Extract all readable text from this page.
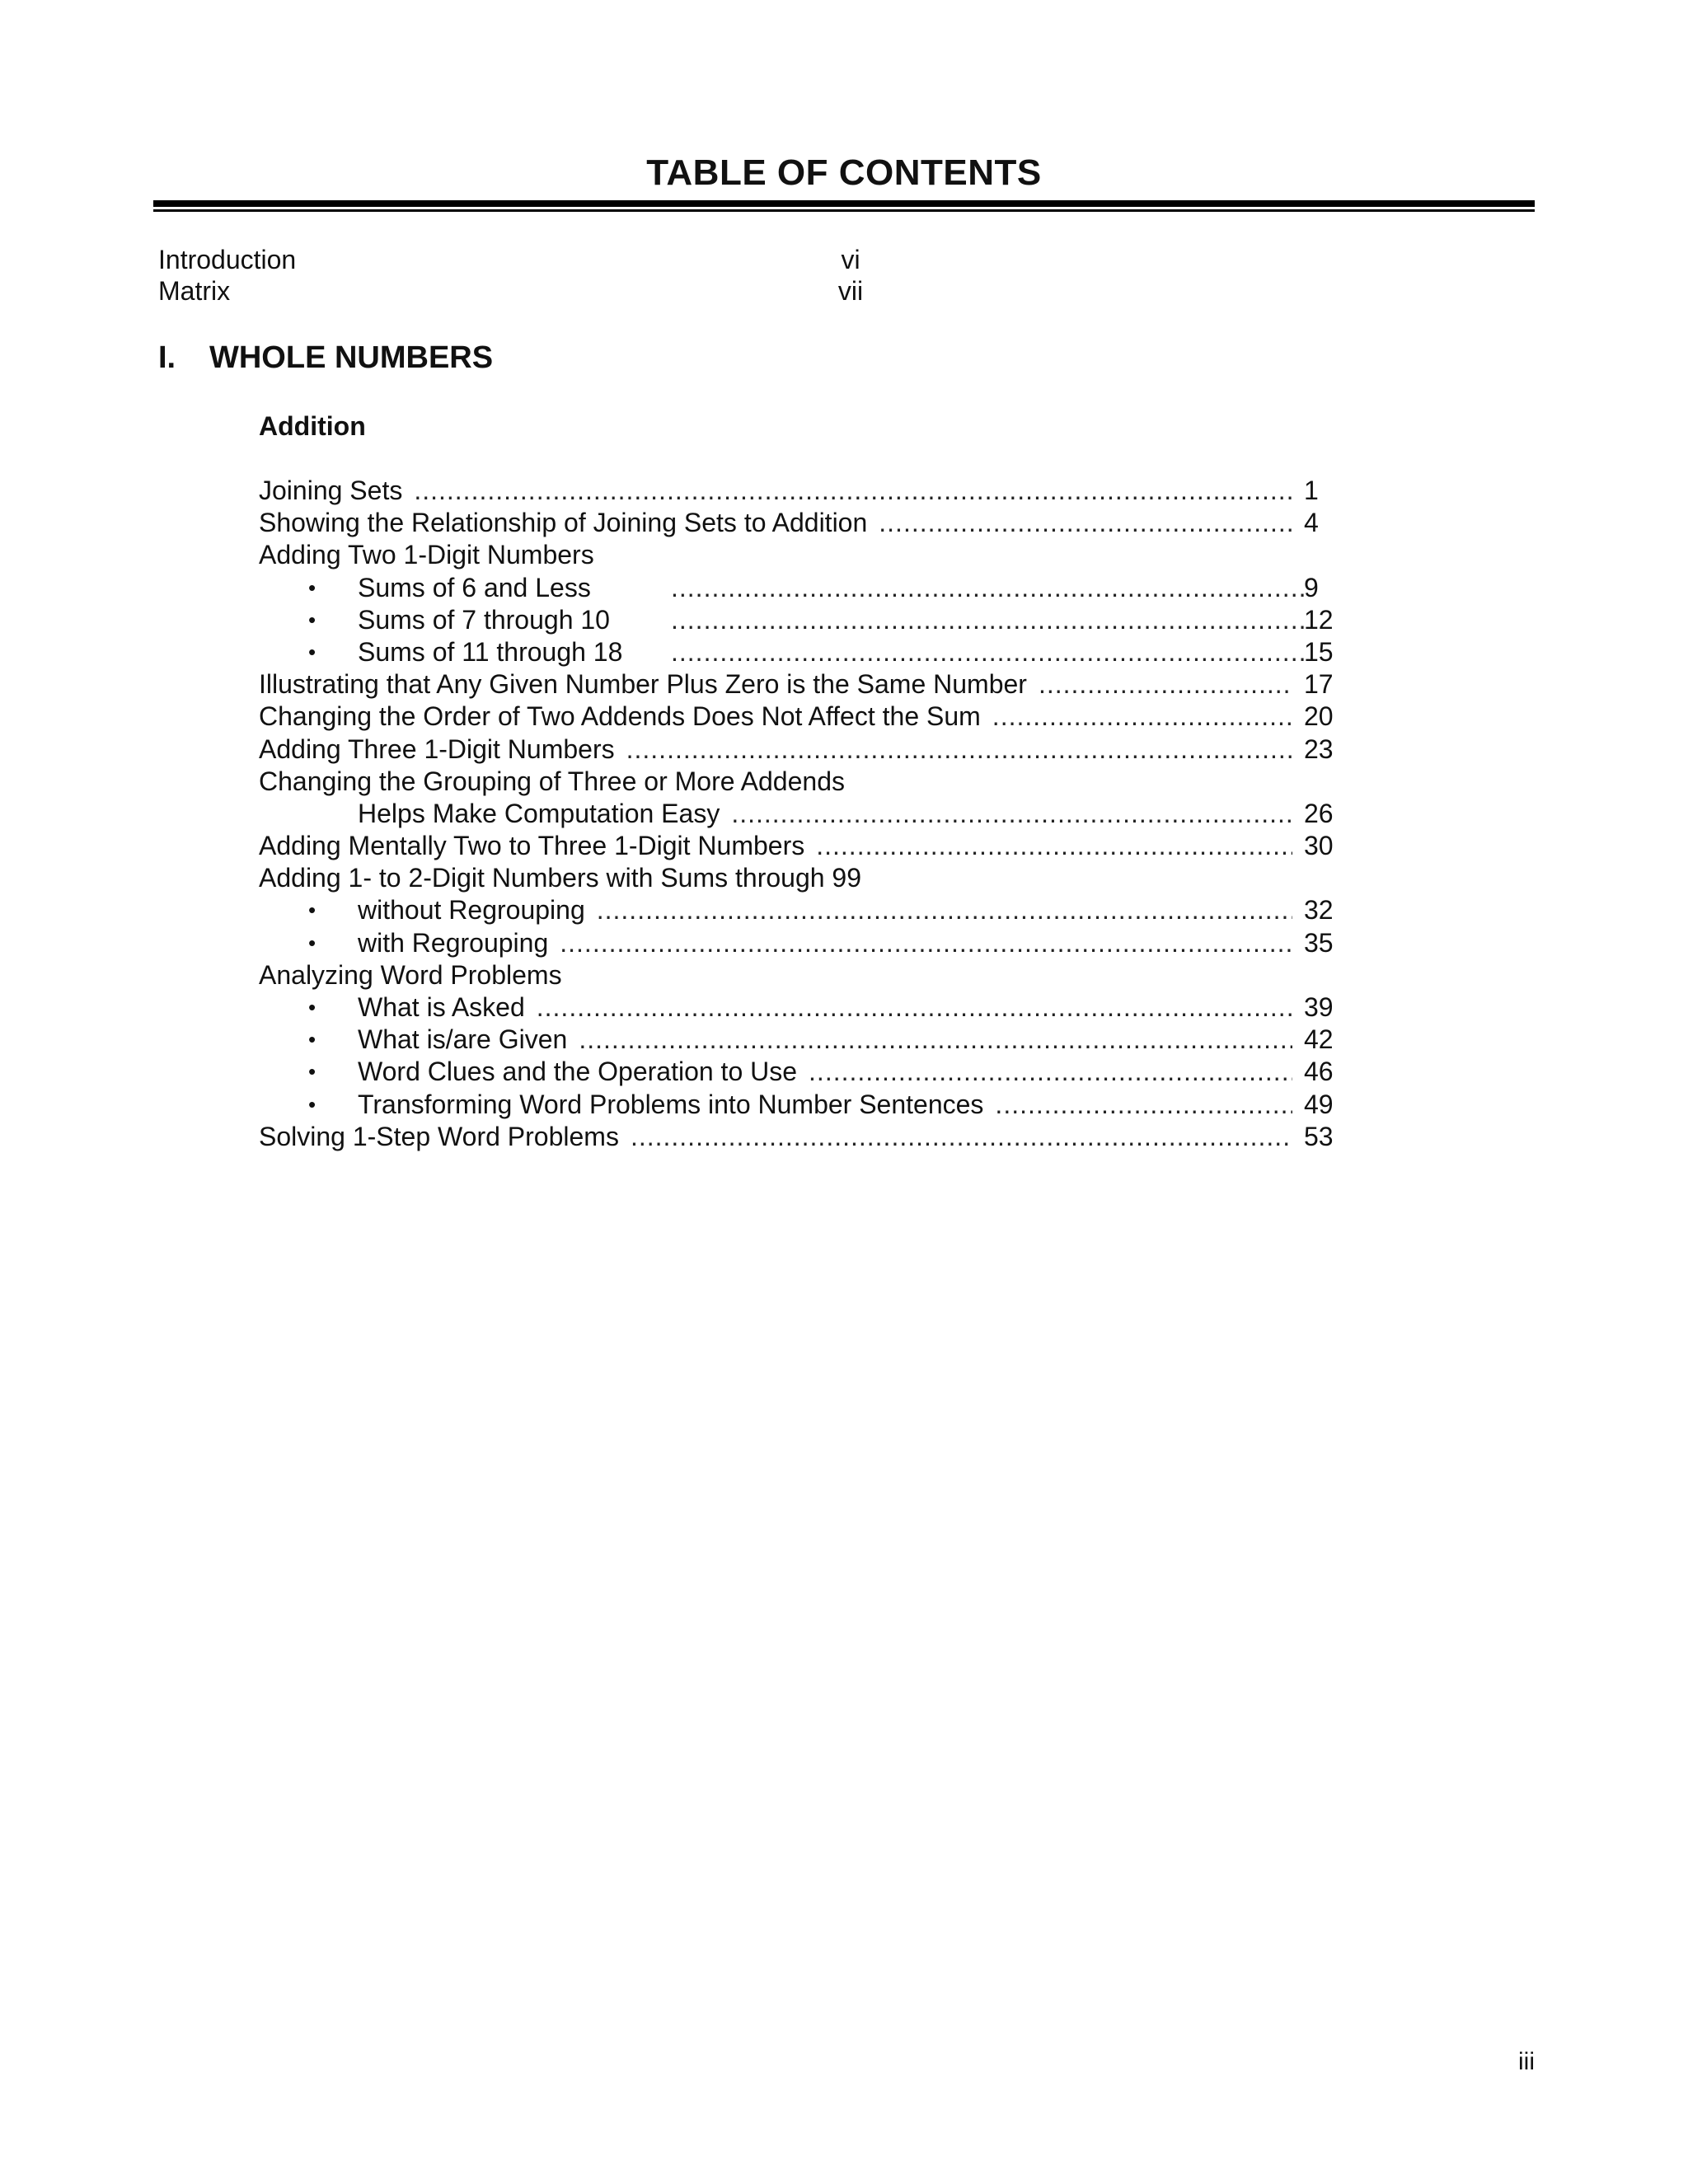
TABLE OF CONTENTS
Introduction	vi
Matrix	vii
I. WHOLE NUMBERS
Addition
Joining Sets .....	1
Showing the Relationship of Joining Sets to Addition .....	4
Adding Two 1-Digit Numbers
•	Sums of 6 and Less .....	9
•	Sums of 7 through 10 .....	12
•	Sums of 11 through 18 .....	15
Illustrating that Any Given Number Plus Zero is the Same Number .....	17
Changing the Order of Two Addends Does Not Affect the Sum .....	20
Adding Three 1-Digit Numbers .....	23
Changing the Grouping of Three or More Addends
Helps Make Computation Easy .....	26
Adding Mentally Two to Three 1-Digit Numbers .....	30
Adding 1- to 2-Digit Numbers with Sums through 99
•	without Regrouping .....	32
•	with Regrouping .....	35
Analyzing Word Problems
•	What is Asked .....	39
•	What is/are Given .....	42
•	Word Clues and the Operation to Use .....	46
•	Transforming Word Problems into Number Sentences .....	49
Solving 1-Step Word Problems .....	53
iii
